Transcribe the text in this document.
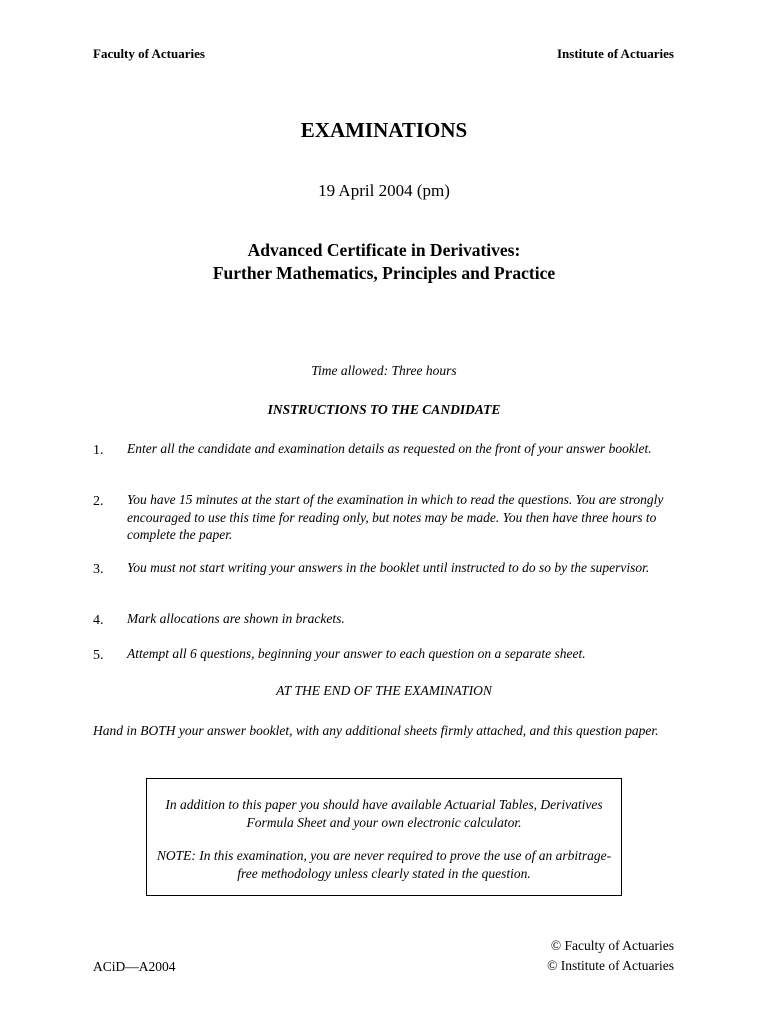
Faculty of Actuaries	Institute of Actuaries
EXAMINATIONS
19 April 2004 (pm)
Advanced Certificate in Derivatives:
Further Mathematics, Principles and Practice
Time allowed: Three hours
INSTRUCTIONS TO THE CANDIDATE
1. Enter all the candidate and examination details as requested on the front of your answer booklet.
2. You have 15 minutes at the start of the examination in which to read the questions. You are strongly encouraged to use this time for reading only, but notes may be made. You then have three hours to complete the paper.
3. You must not start writing your answers in the booklet until instructed to do so by the supervisor.
4. Mark allocations are shown in brackets.
5. Attempt all 6 questions, beginning your answer to each question on a separate sheet.
AT THE END OF THE EXAMINATION
Hand in BOTH your answer booklet, with any additional sheets firmly attached, and this question paper.

In addition to this paper you should have available Actuarial Tables, Derivatives Formula Sheet and your own electronic calculator.

NOTE: In this examination, you are never required to prove the use of an arbitrage-free methodology unless clearly stated in the question.

ACiD—A2004
© Faculty of Actuaries
© Institute of Actuaries
